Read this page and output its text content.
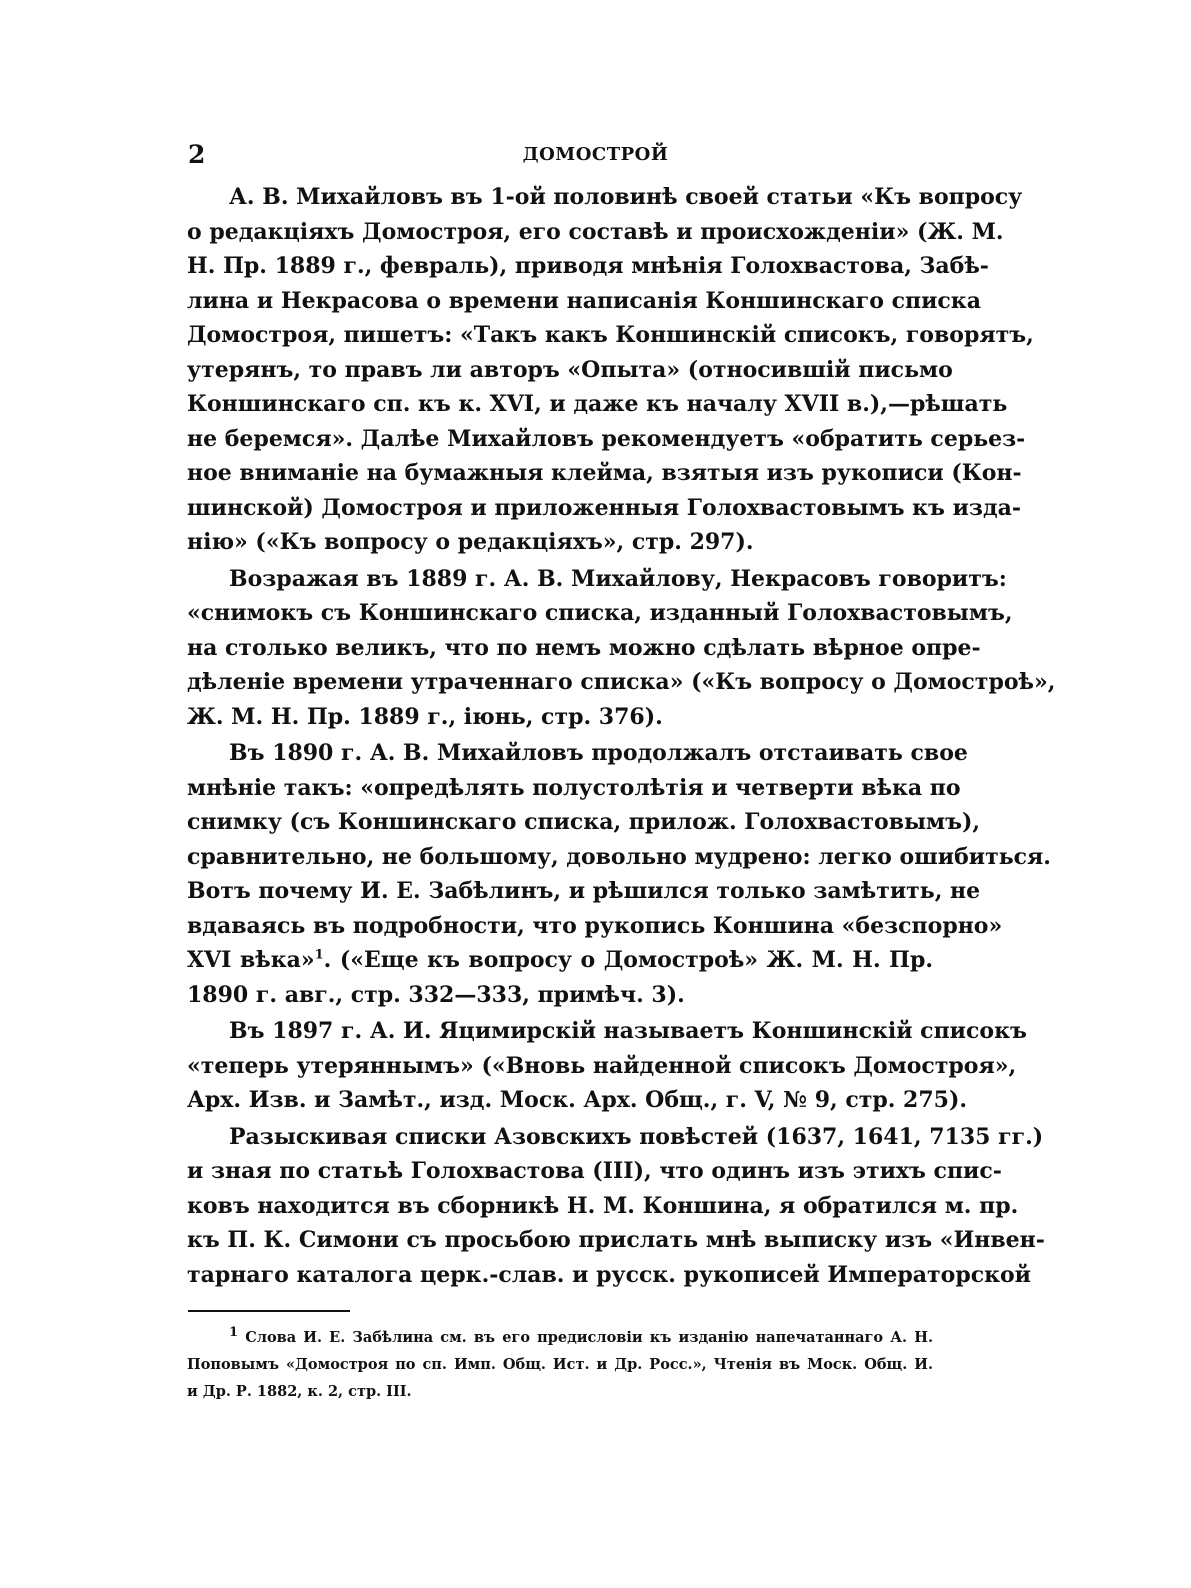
2	ДОМОСТРОЙ
А. В. Михайловъ въ 1-ой половинѣ своей статьи «Къ вопросу
о редакціяхъ Домостроя, его составѣ и происхожденіи» (Ж. М.
Н. Пр. 1889 г., февраль), приводя мнѣнія Голохвастова, Забѣ-
лина и Некрасова о времени написанія Коншинскаго списка
Домостроя, пишетъ: «Такъ какъ Коншинскій списокъ, говорятъ,
утерянъ, то правъ ли авторъ «Опыта» (относившій письмо
Коншинскаго сп. къ к. XVI, и даже къ началу XVII в.),—рѣшать
не беремся». Далѣе Михайловъ рекомендуетъ «обратить серьез-
ное вниманіе на бумажныя клейма, взятыя изъ рукописи (Кон-
шинской) Домостроя и приложенныя Голохвастовымъ къ изда-
нію» («Къ вопросу о редакціяхъ», стр. 297).
Возражая въ 1889 г. А. В. Михайлову, Некрасовъ говоритъ:
«снимокъ съ Коншинскаго списка, изданный Голохвастовымъ,
на столько великъ, что по немъ можно сдѣлать вѣрное опре-
дѣленіе времени утраченнаго списка» («Къ вопросу о Домостроѣ»,
Ж. М. Н. Пр. 1889 г., іюнь, стр. 376).
Въ 1890 г. А. В. Михайловъ продолжалъ отстаивать свое
мнѣніе такъ: «опредѣлять полустолѣтія и четверти вѣка по
снимку (съ Коншинскаго списка, прилож. Голохвастовымъ),
сравнительно, не большому, довольно мудрено: легко ошибиться.
Вотъ почему И. Е. Забѣлинъ, и рѣшился только замѣтить, не
вдаваясь въ подробности, что рукопись Коншина «безспорно»
XVI вѣка»$^1$. («Еще къ вопросу о Домостроѣ» Ж. М. Н. Пр.
1890 г. авг., стр. 332—333, примѣч. 3).
Въ 1897 г. А. И. Яцимирскій называетъ Коншинскій списокъ
«теперь утеряннымъ» («Вновь найденной списокъ Домостроя»,
Арх. Изв. и Замѣт., изд. Моск. Арх. Общ., г. V, № 9, стр. 275).
Разыскивая списки Азовскихъ повѣстей (1637, 1641, 7135 гг.)
и зная по статьѣ Голохвастова (III), что одинъ изъ этихъ спис-
ковъ находится въ сборникѣ Н. М. Коншина, я обратился м. пр.
къ П. К. Симони съ просьбою прислать мнѣ выписку изъ «Инвен-
тарнаго каталога церк.-слав. и русск. рукописей Императорской
$^1$ Слова И. Е. Забѣлина см. въ его предисловіи къ изданію напечатаннаго А. Н.
Поповымъ «Домостроя по сп. Имп. Общ. Ист. и Др. Росс.», Чтенія въ Моск. Общ. И.
и Др. Р. 1882, к. 2, стр. III.
